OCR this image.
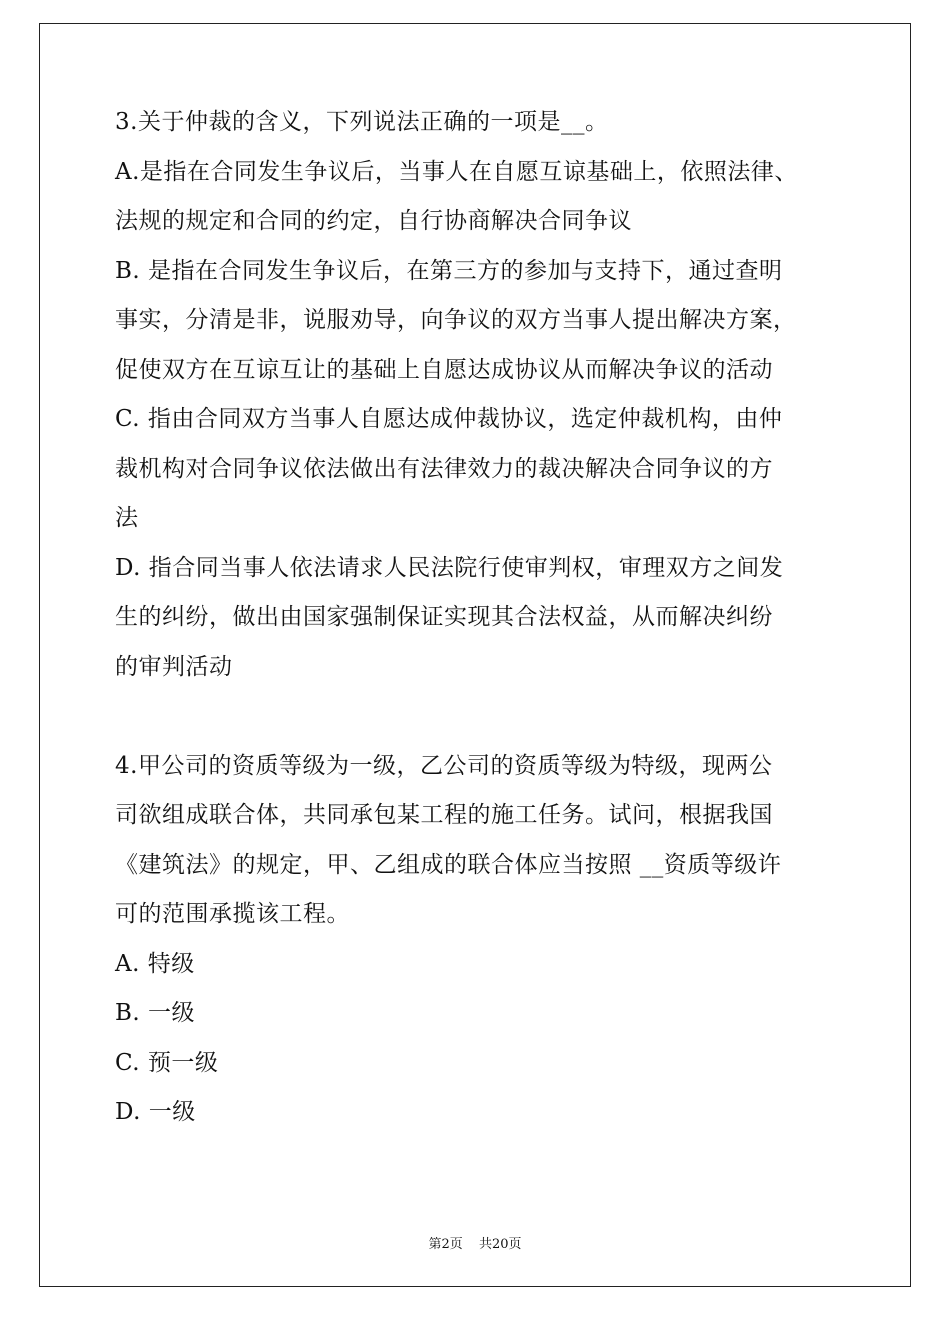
3.关于仲裁的含义，下列说法正确的一项是__。
A.是指在合同发生争议后，当事人在自愿互谅基础上，依照法律、
法规的规定和合同的约定，自行协商解决合同争议
B. 是指在合同发生争议后，在第三方的参加与支持下，通过查明
事实，分清是非，说服劝导，向争议的双方当事人提出解决方案，
促使双方在互谅互让的基础上自愿达成协议从而解决争议的活动
C. 指由合同双方当事人自愿达成仲裁协议，选定仲裁机构，由仲
裁机构对合同争议依法做出有法律效力的裁决解决合同争议的方
法
D. 指合同当事人依法请求人民法院行使审判权，审理双方之间发
生的纠纷，做出由国家强制保证实现其合法权益，从而解决纠纷
的审判活动
4.甲公司的资质等级为一级，乙公司的资质等级为特级，现两公
司欲组成联合体，共同承包某工程的施工任务。试问，根据我国
《建筑法》的规定，甲、乙组成的联合体应当按照 __资质等级许
可的范围承揽该工程。
A. 特级
B. 一级
C. 预一级
D. 一级
第2页 共20页
